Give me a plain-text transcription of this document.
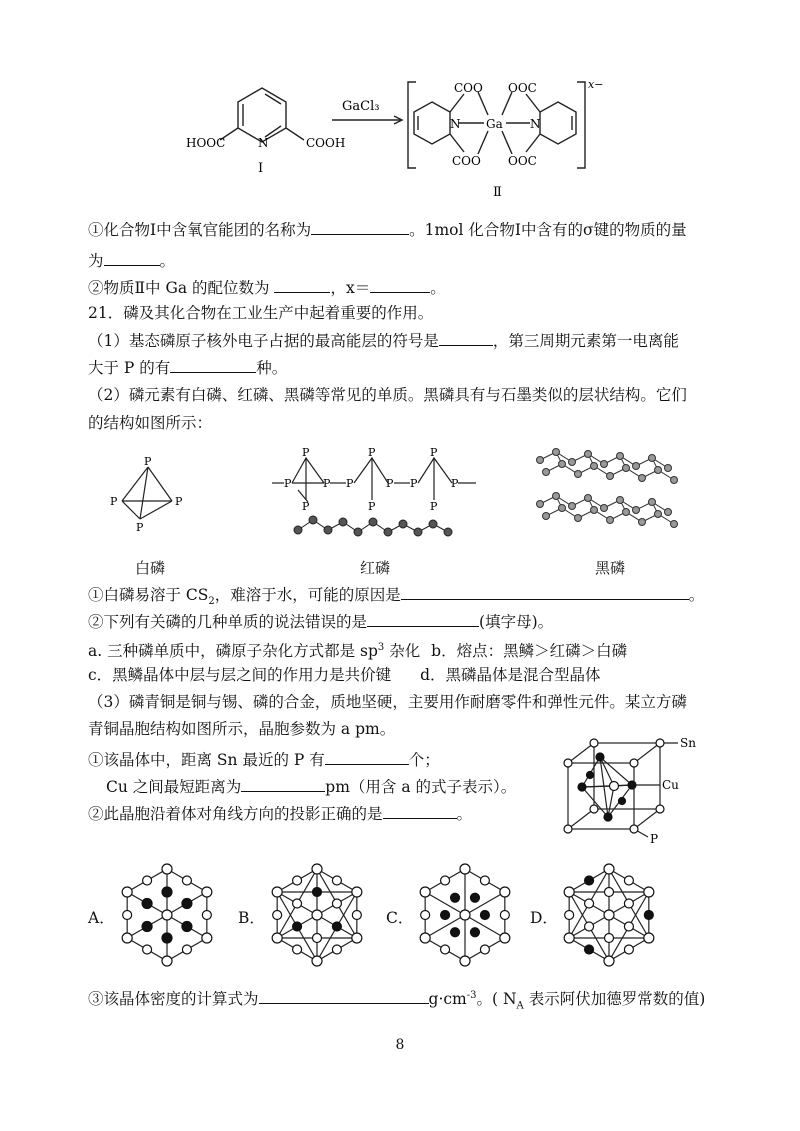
N
HOOC	COOH
Ⅰ
GaCl₃
N Ga N
COO OOC
COO OOC
x−
Ⅱ
①化合物Ⅰ中含氧官能团的名称为	。1mol 化合物Ⅰ中含有的σ键的物质的量
为	。
②物质Ⅱ中 Ga 的配位数为	，x＝	。
21．磷及其化合物在工业生产中起着重要的作用。
（1）基态磷原子核外电子占据的最高能层的符号是	，第三周期元素第一电离能
大于 P 的有	种。
（2）磷元素有白磷、红磷、黑磷等常见的单质。黑磷具有与石墨类似的层状结构。它们
的结构如图所示：
P
P	P
P
P
P	P
P
P
P	P
P
P
P	P
P
白磷	红磷	黑磷
①白磷易溶于 $CS_2$，难溶于水，可能的原因是	。
②下列有关磷的几种单质的说法错误的是	(填字母)。
a. 三种磷单质中，磷原子杂化方式都是 $sp^3$ 杂化 b．熔点：黑鳞＞红磷＞白磷
c．黑鳞晶体中层与层之间的作用力是共价键 d．黑磷晶体是混合型晶体
（3）磷青铜是铜与锡、磷的合金，质地坚硬，主要用作耐磨零件和弹性元件。某立方磷
青铜晶胞结构如图所示，晶胞参数为 a pm。
①该晶体中，距离 Sn 最近的 P 有	个；
Cu 之间最短距离为	pm（用含 a 的式子表示）。
②此晶胞沿着体对角线方向的投影正确的是	。
Sn
Cu
P
A．	B．	C．	D．
③该晶体密度的计算式为	$g\cdot cm^{-3}$。( $N_A$ 表示阿伏加德罗常数的值)
8
